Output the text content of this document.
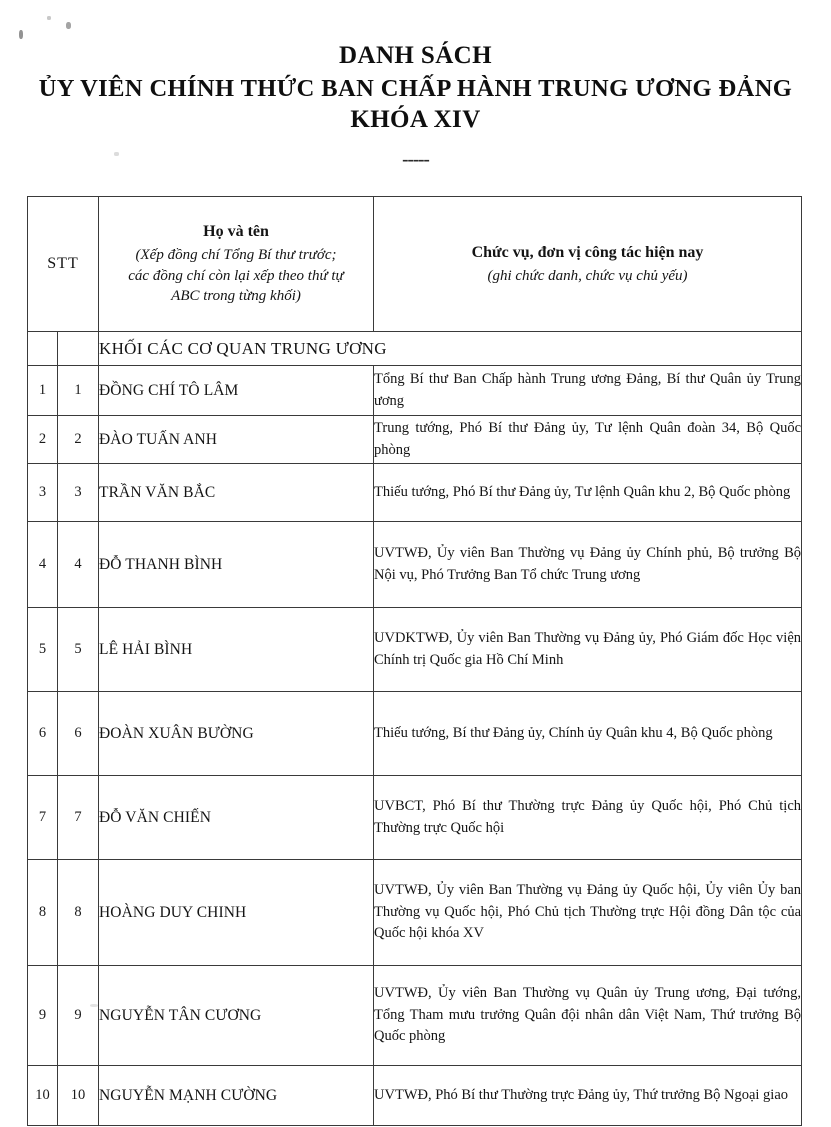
DANH SÁCH
ỦY VIÊN CHÍNH THỨC BAN CHẤP HÀNH TRUNG ƯƠNG ĐẢNG
KHÓA XIV
-----
STT		Họ và tên
(Xếp đồng chí Tổng Bí thư trước;
các đồng chí còn lại xếp theo thứ tự
ABC trong từng khối)	Chức vụ, đơn vị công tác hiện nay
(ghi chức danh, chức vụ chủ yếu)

		KHỐI CÁC CƠ QUAN TRUNG ƯƠNG	
1	1	ĐỒNG CHÍ TÔ LÂM	Tổng Bí thư Ban Chấp hành Trung ương Đảng, Bí thư Quân ủy Trung ương

2	2	ĐÀO TUẤN ANH	Trung tướng, Phó Bí thư Đảng ủy, Tư lệnh Quân đoàn 34, Bộ Quốc phòng

3	3	TRẦN VĂN BẮC	Thiếu tướng, Phó Bí thư Đảng ủy, Tư lệnh Quân khu 2, Bộ Quốc phòng

4	4	ĐỖ THANH BÌNH	UVTWĐ, Ủy viên Ban Thường vụ Đảng ủy Chính phủ, Bộ trưởng Bộ Nội vụ, Phó Trưởng Ban Tổ chức Trung ương

5	5	LÊ HẢI BÌNH	UVDKTWĐ, Ủy viên Ban Thường vụ Đảng ủy, Phó Giám đốc Học viện Chính trị Quốc gia Hồ Chí Minh

6	6	ĐOÀN XUÂN BƯỜNG	Thiếu tướng, Bí thư Đảng ủy, Chính ủy Quân khu 4, Bộ Quốc phòng

7	7	ĐỖ VĂN CHIẾN	UVBCT, Phó Bí thư Thường trực Đảng ủy Quốc hội, Phó Chủ tịch Thường trực Quốc hội

8	8	HOÀNG DUY CHINH	UVTWĐ, Ủy viên Ban Thường vụ Đảng ủy Quốc hội, Ủy viên Ủy ban Thường vụ Quốc hội, Phó Chủ tịch Thường trực Hội đồng Dân tộc của Quốc hội khóa XV

9	9	NGUYỄN TÂN CƯƠNG	UVTWĐ, Ủy viên Ban Thường vụ Quân ủy Trung ương, Đại tướng, Tổng Tham mưu trưởng Quân đội nhân dân Việt Nam, Thứ trưởng Bộ Quốc phòng

10	10	NGUYỄN MẠNH CƯỜNG	UVTWĐ, Phó Bí thư Thường trực Đảng ủy, Thứ trưởng Bộ Ngoại giao
